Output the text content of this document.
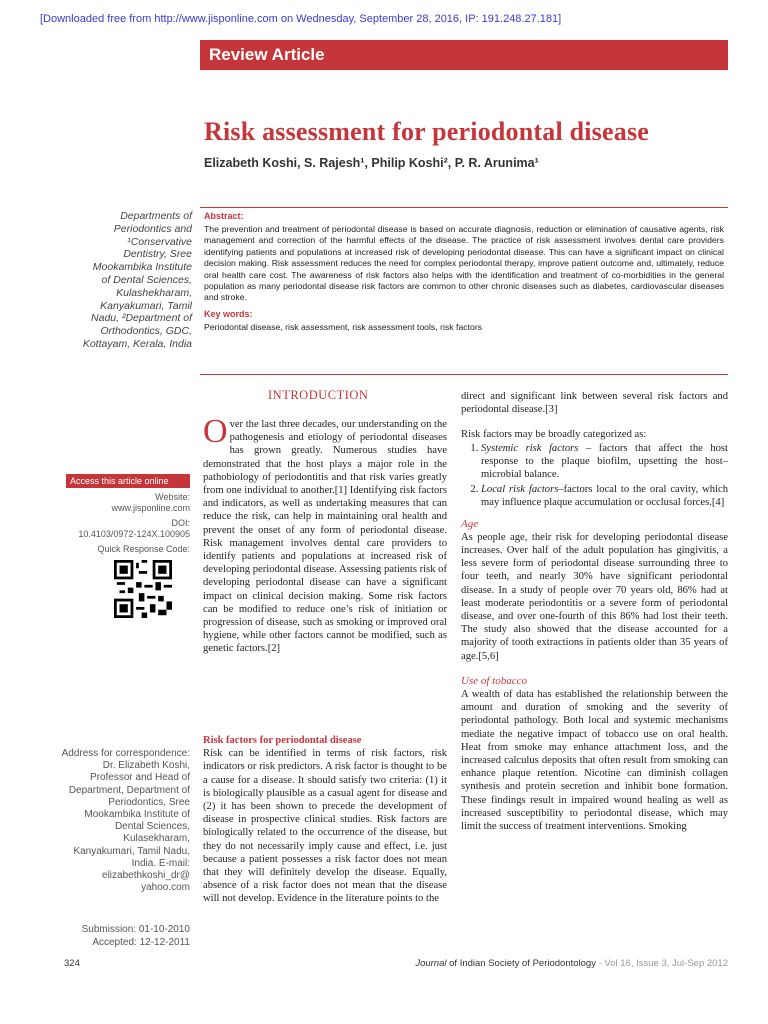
[Downloaded free from http://www.jisponline.com on Wednesday, September 28, 2016, IP: 191.248.27.181]
Review Article
Risk assessment for periodontal disease
Elizabeth Koshi, S. Rajesh¹, Philip Koshi², P. R. Arunima¹
Departments of Periodontics and ¹Conservative Dentistry, Sree Mookambika Institute of Dental Sciences, Kulashekharam, Kanyakumari, Tamil Nadu, ²Department of Orthodontics, GDC, Kottayam, Kerala, India
Abstract:
The prevention and treatment of periodontal disease is based on accurate diagnosis, reduction or elimination of causative agents, risk management and correction of the harmful effects of the disease. The practice of risk assessment involves dental care providers identifying patients and populations at increased risk of developing periodontal disease. This can have a significant impact on clinical decision making. Risk assessment reduces the need for complex periodontal therapy, improve patient outcome and, ultimately, reduce oral health care cost. The awareness of risk factors also helps with the identification and treatment of co-morbidities in the general population as many periodontal disease risk factors are common to other chronic diseases such as diabetes, cardiovascular diseases and stroke.
Key words:
Periodontal disease, risk assessment, risk assessment tools, risk factors
Access this article online
Website:
www.jisponline.com
DOI:
10.4103/0972-124X.100905
Quick Response Code:
Address for correspondence:
Dr. Elizabeth Koshi, Professor and Head of Department, Department of Periodontics, Sree Mookambika Institute of Dental Sciences, Kulasekharam, Kanyakumari, Tamil Nadu, India. E-mail: elizabethkoshi_dr@ yahoo.com
Submission: 01-10-2010
Accepted: 12-12-2011
INTRODUCTION
Over the last three decades, our understanding on the pathogenesis and etiology of periodontal diseases has grown greatly. Numerous studies have demonstrated that the host plays a major role in the pathobiology of periodontitis and that risk varies greatly from one individual to another.[1] Identifying risk factors and indicators, as well as undertaking measures that can reduce the risk, can help in maintaining oral health and prevent the onset of any form of periodontal disease. Risk management involves dental care providers to identify patients and populations at increased risk of developing periodontal disease. Assessing patients risk of developing periodontal disease can have a significant impact on clinical decision making. Some risk factors can be modified to reduce one’s risk of initiation or progression of disease, such as smoking or improved oral hygiene, while other factors cannot be modified, such as genetic factors.[2]
Risk factors for periodontal disease
Risk can be identified in terms of risk factors, risk indicators or risk predictors. A risk factor is thought to be a cause for a disease. It should satisfy two criteria: (1) it is biologically plausible as a casual agent for disease and (2) it has been shown to precede the development of disease in prospective clinical studies. Risk factors are biologically related to the occurrence of the disease, but they do not necessarily imply cause and effect, i.e. just because a patient possesses a risk factor does not mean that they will definitely develop the disease. Equally, absence of a risk factor does not mean that the disease will not develop. Evidence in the literature points to the
direct and significant link between several risk factors and periodontal disease.[3]
Risk factors may be broadly categorized as:
1. Systemic risk factors – factors that affect the host response to the plaque biofilm, upsetting the host–microbial balance.
2. Local risk factors–factors local to the oral cavity, which may influence plaque accumulation or occlusal forces.[4]
Age
As people age, their risk for developing periodontal disease increases. Over half of the adult population has gingivitis, a less severe form of periodontal disease surrounding three to four teeth, and nearly 30% have significant periodontal disease. In a study of people over 70 years old, 86% had at least moderate periodontitis or a severe form of periodontal disease, and over one-fourth of this 86% had lost their teeth. The study also showed that the disease accounted for a majority of tooth extractions in patients older than 35 years of age.[5,6]
Use of tobacco
A wealth of data has established the relationship between the amount and duration of smoking and the severity of periodontal pathology. Both local and systemic mechanisms mediate the negative impact of tobacco use on oral health. Heat from smoke may enhance attachment loss, and the increased calculus deposits that often result from smoking can enhance plaque retention. Nicotine can diminish collagen synthesis and protein secretion and inhibit bone formation. These findings result in impaired wound healing as well as increased susceptibility to periodontal disease, which may limit the success of treatment interventions. Smoking
324	Journal of Indian Society of Periodontology - Vol 16, Issue 3, Jul-Sep 2012
